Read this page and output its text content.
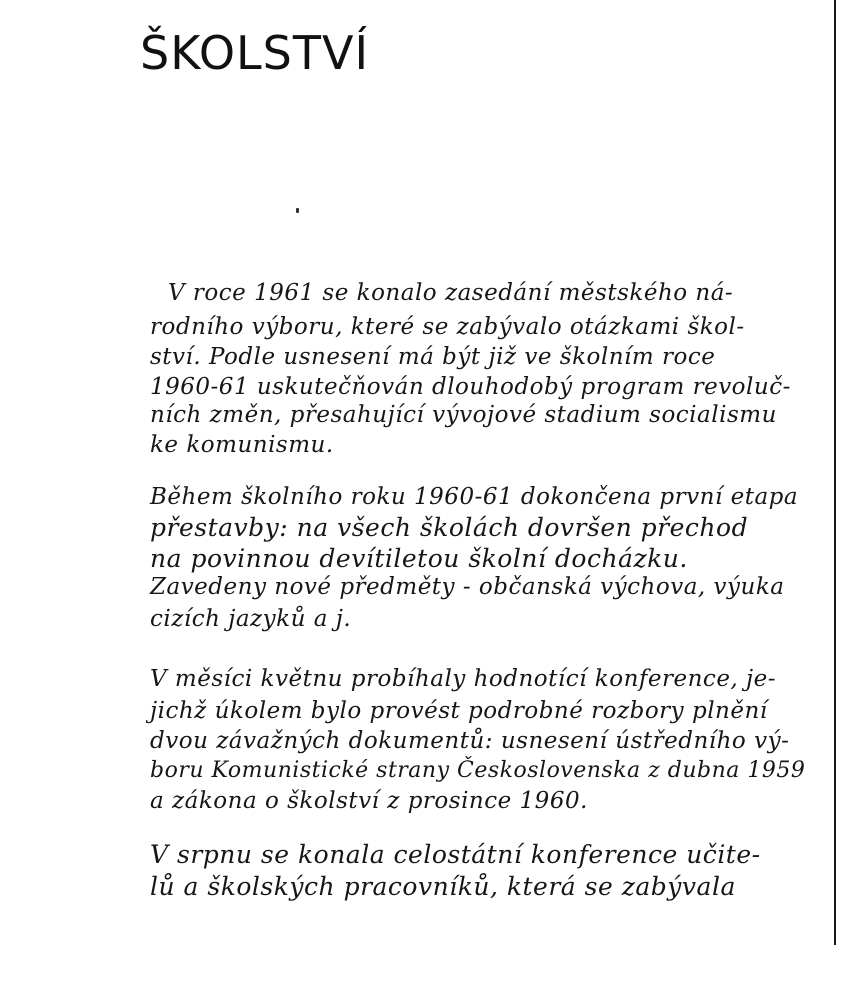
ŠKOLSTVÍ

V roce 1961 se konalo zasedání městského ná-

rodního výboru, které se zabývalo otázkami škol-

ství. Podle usnesení má být již ve školním roce

1960-61 uskutečňován dlouhodobý program revoluč-

ních změn, přesahující vývojové stadium socialismu

ke komunismu.

Během školního roku 1960-61 dokončena první etapa

přestavby: na všech školách dovršen přechod

na povinnou devítiletou školní docházku.

Zavedeny nové předměty - občanská výchova, výuka

cizích jazyků a j.

V měsíci květnu probíhaly hodnotící konference, je-

jichž úkolem bylo provést podrobné rozbory plnění

dvou závažných dokumentů: usnesení ústředního vý-

boru Komunistické strany Československa z dubna 1959

a zákona o školství z prosince 1960.

V srpnu se konala celostátní konference učite-

lů a školských pracovníků, která se zabývala
